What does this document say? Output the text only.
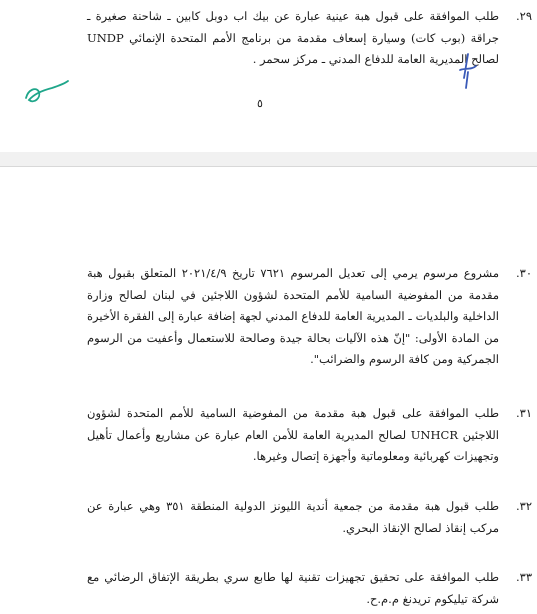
٢٩.
طلب الموافقة على قبول هبة عينية عبارة عن بيك اب دوبل كابين ـ شاحنة صغيرة ـ جراقة (بوب كات) وسيارة إسعاف مقدمة من برنامج الأمم المتحدة الإنمائي UNDP لصالح المديرية العامة للدفاع المدني ـ مركز سحمر .
٥
٣٠.
مشروع مرسوم يرمي إلى تعديل المرسوم ٧٦٢١ تاريخ ٢٠٢١/٤/٩ المتعلق بقبول هبة مقدمة من المفوضية السامية للأمم المتحدة لشؤون اللاجئين في لبنان لصالح وزارة الداخلية والبلديات ـ المديرية العامة للدفاع المدني لجهة إضافة عبارة إلى الفقرة الأخيرة من المادة الأولى: "إنّ هذه الآليات بحالة جيدة وصالحة للاستعمال وأعفيت من الرسوم الجمركية ومن كافة الرسوم والضرائب".
٣١.
طلب الموافقة على قبول هبة مقدمة من المفوضية السامية للأمم المتحدة لشؤون اللاجئين UNHCR لصالح المديرية العامة للأمن العام عبارة عن مشاريع وأعمال تأهيل وتجهيزات كهربائية ومعلوماتية وأجهزة إتصال وغيرها.
٣٢.
طلب قبول هبة مقدمة من جمعية أندية الليونز الدولية المنطقة ٣٥١ وهي عبارة عن مركب إنقاذ لصالح الإنقاذ البحري.
٣٣.
طلب الموافقة على تحقيق تجهيزات تقنية لها طابع سري بطريقة الإتفاق الرضائي مع شركة تيليكوم تريدنغ م.م.ح.
